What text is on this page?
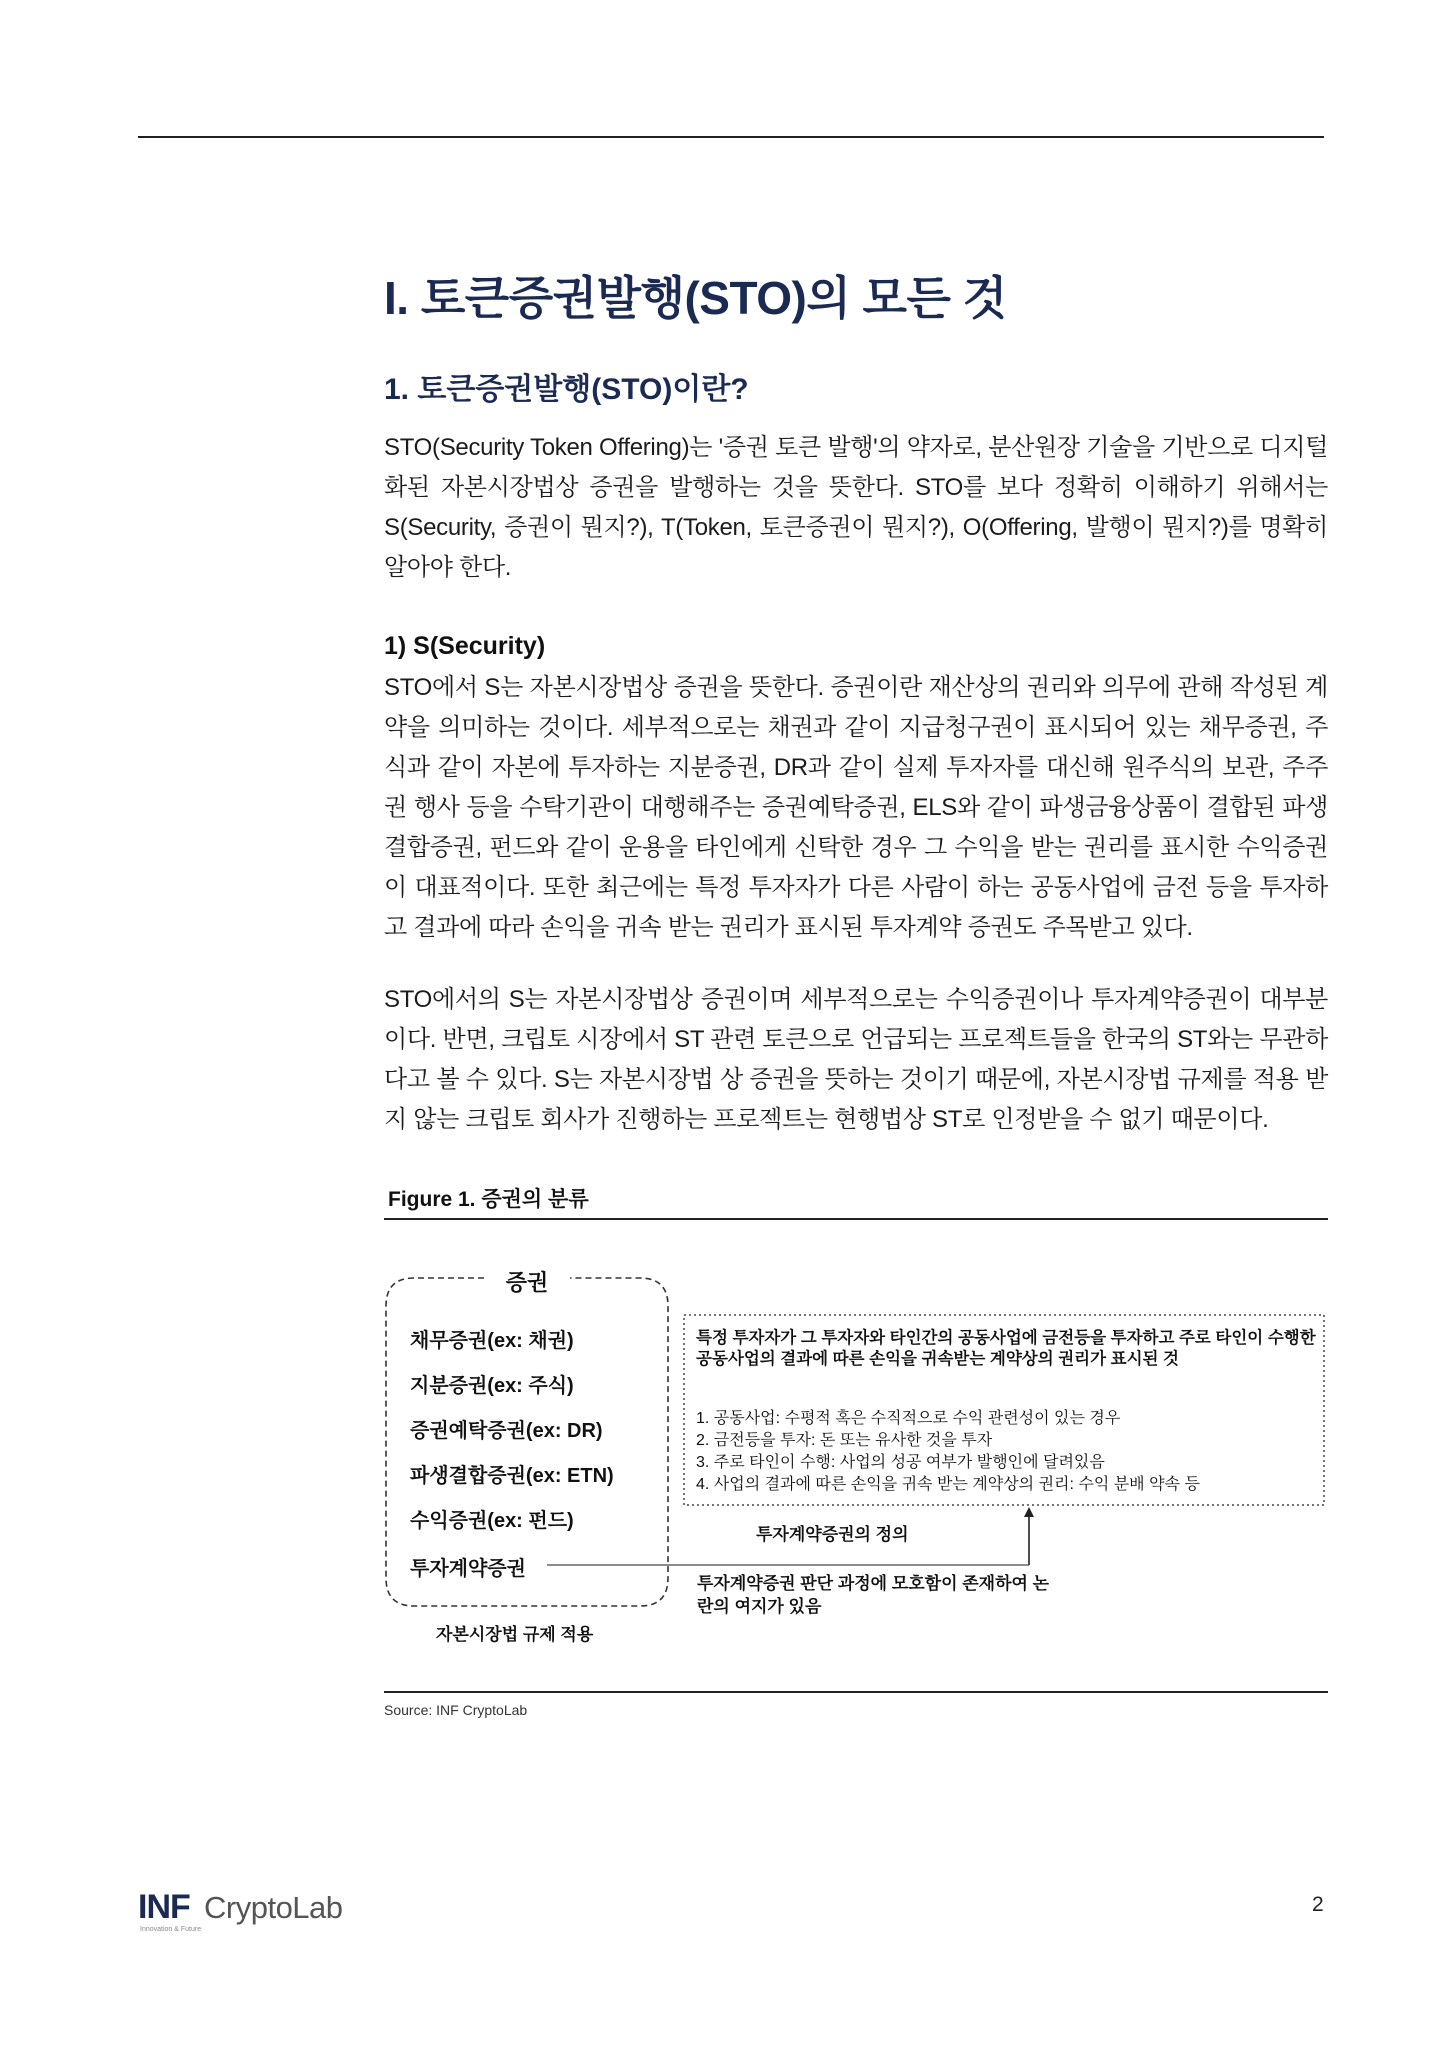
I. 토큰증권발행(STO)의 모든 것
1. 토큰증권발행(STO)이란?
STO(Security Token Offering)는 '증권 토큰 발행'의 약자로, 분산원장 기술을 기반으로 디지털화된 자본시장법상 증권을 발행하는 것을 뜻한다. STO를 보다 정확히 이해하기 위해서는 S(Security, 증권이 뭔지?), T(Token, 토큰증권이 뭔지?), O(Offering, 발행이 뭔지?)를 명확히 알아야 한다.
1) S(Security)
STO에서 S는 자본시장법상 증권을 뜻한다. 증권이란 재산상의 권리와 의무에 관해 작성된 계약을 의미하는 것이다. 세부적으로는 채권과 같이 지급청구권이 표시되어 있는 채무증권, 주식과 같이 자본에 투자하는 지분증권, DR과 같이 실제 투자자를 대신해 원주식의 보관, 주주권 행사 등을 수탁기관이 대행해주는 증권예탁증권, ELS와 같이 파생금융상품이 결합된 파생결합증권, 펀드와 같이 운용을 타인에게 신탁한 경우 그 수익을 받는 권리를 표시한 수익증권이 대표적이다. 또한 최근에는 특정 투자자가 다른 사람이 하는 공동사업에 금전 등을 투자하고 결과에 따라 손익을 귀속 받는 권리가 표시된 투자계약 증권도 주목받고 있다.
STO에서의 S는 자본시장법상 증권이며 세부적으로는 수익증권이나 투자계약증권이 대부분이다. 반면, 크립토 시장에서 ST 관련 토큰으로 언급되는 프로젝트들을 한국의 ST와는 무관하다고 볼 수 있다. S는 자본시장법 상 증권을 뜻하는 것이기 때문에, 자본시장법 규제를 적용 받지 않는 크립토 회사가 진행하는 프로젝트는 현행법상 ST로 인정받을 수 없기 때문이다.
Figure 1. 증권의 분류
증권
채무증권(ex: 채권)
지분증권(ex: 주식)
증권예탁증권(ex: DR)
파생결합증권(ex: ETN)
수익증권(ex: 펀드)
투자계약증권
자본시장법 규제 적용
특정 투자자가 그 투자자와 타인간의 공동사업에 금전등을 투자하고 주로 타인이 수행한 공동사업의 결과에 따른 손익을 귀속받는 계약상의 권리가 표시된 것
1. 공동사업: 수평적 혹은 수직적으로 수익 관련성이 있는 경우
2. 금전등을 투자: 돈 또는 유사한 것을 투자
3. 주로 타인이 수행: 사업의 성공 여부가 발행인에 달려있음
4. 사업의 결과에 따른 손익을 귀속 받는 계약상의 권리: 수익 분배 약속 등
투자계약증권의 정의
투자계약증권 판단 과정에 모호함이 존재하여 논란의 여지가 있음
Source: INF CryptoLab
INF CryptoLab
Innovation & Future
2
